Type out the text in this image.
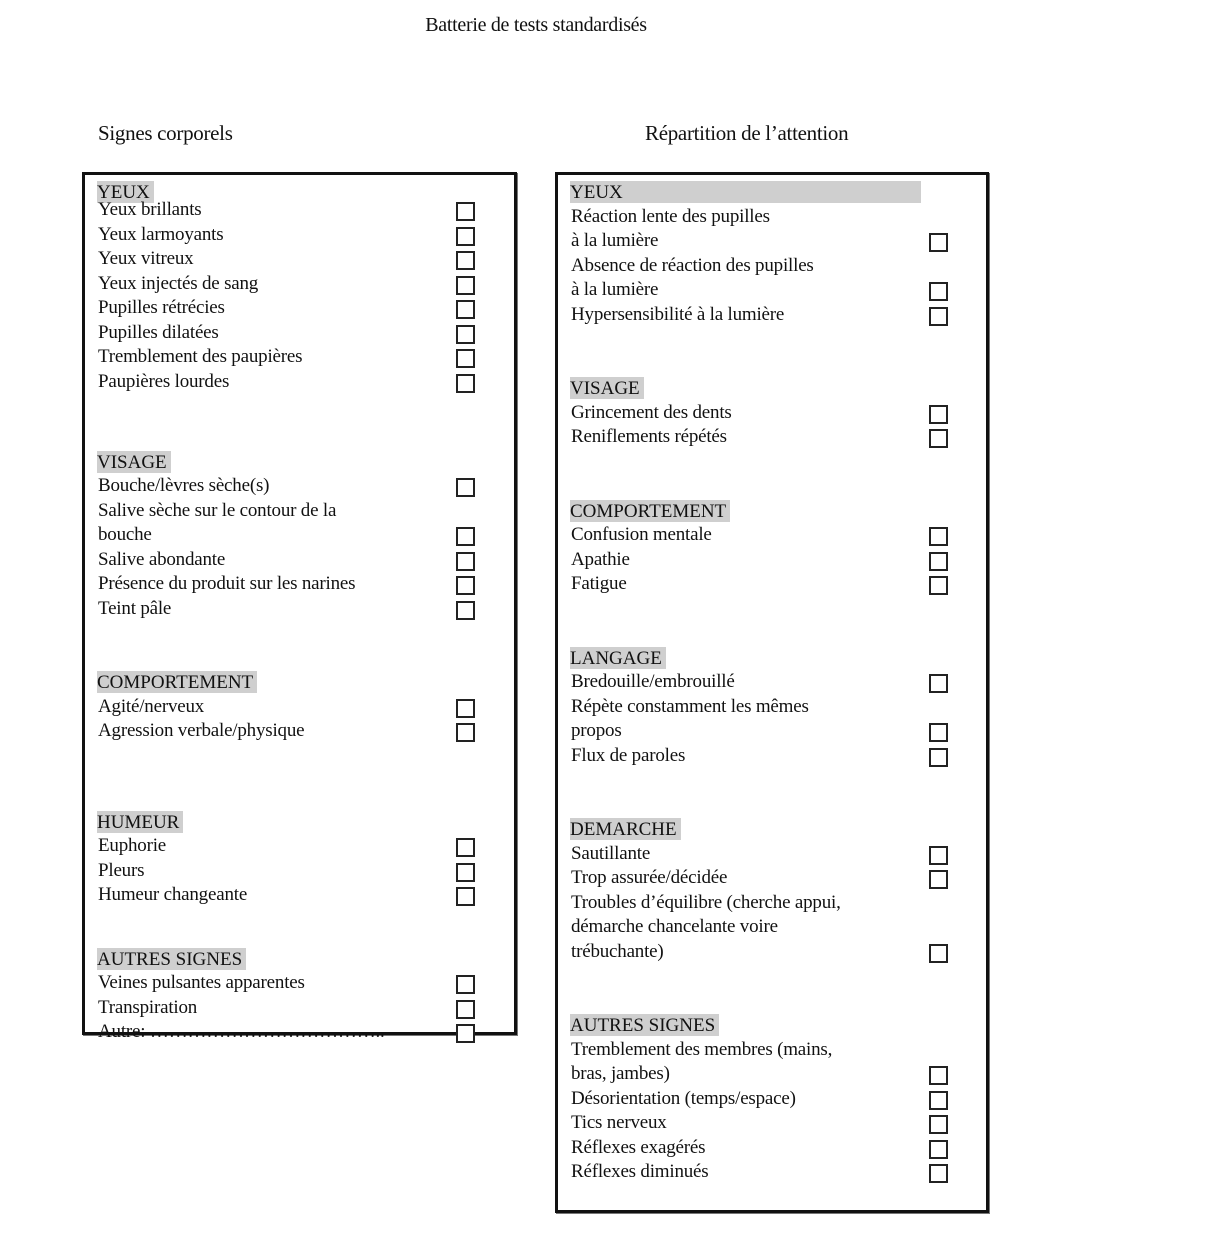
Batterie de tests standardisés
Signes corporels	Répartition de l’attention
YEUX
Yeux brillants
Yeux larmoyants
Yeux vitreux
Yeux injectés de sang
Pupilles rétrécies
Pupilles dilatées
Tremblement des paupières
Paupières lourdes
VISAGE
Bouche/lèvres sèche(s)
Salive sèche sur le contour de la
bouche
Salive abondante
Présence du produit sur les narines
Teint pâle
COMPORTEMENT
Agité/nerveux
Agression verbale/physique
HUMEUR
Euphorie
Pleurs
Humeur changeante
AUTRES SIGNES
Veines pulsantes apparentes
Transpiration
Autre: ………………………………..
YEUX
Réaction lente des pupilles
à la lumière
Absence de réaction des pupilles
à la lumière
Hypersensibilité à la lumière
VISAGE
Grincement des dents
Reniflements répétés
COMPORTEMENT
Confusion mentale
Apathie
Fatigue
LANGAGE
Bredouille/embrouillé
Répète constamment les mêmes
propos
Flux de paroles
DEMARCHE
Sautillante
Trop assurée/décidée
Troubles d’équilibre (cherche appui,
démarche chancelante voire
trébuchante)
AUTRES SIGNES
Tremblement des membres (mains,
bras, jambes)
Désorientation (temps/espace)
Tics nerveux
Réflexes exagérés
Réflexes diminués
